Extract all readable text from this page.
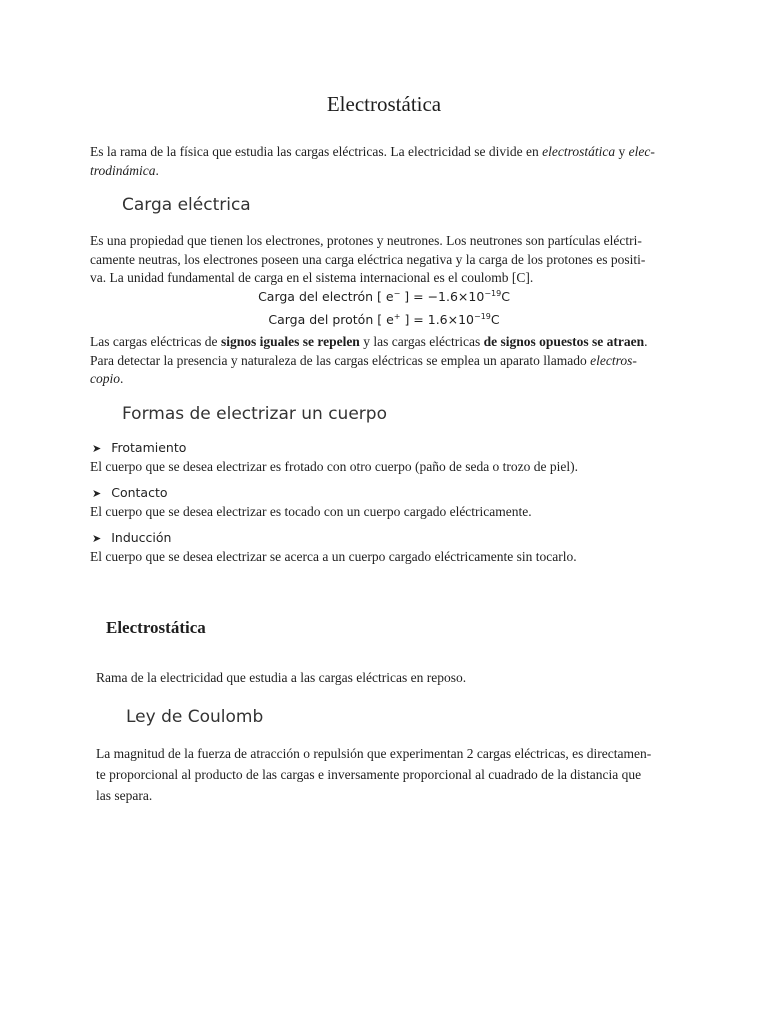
Electrostática
Es la rama de la física que estudia las cargas eléctricas. La electricidad se divide en electrostática y elec-
trodinámica.
Carga eléctrica
Es una propiedad que tienen los electrones, protones y neutrones. Los neutrones son partículas eléctri-
camente neutras, los electrones poseen una carga eléctrica negativa y la carga de los protones es positi-
va. La unidad fundamental de carga en el sistema internacional es el coulomb [C].
Carga del electrón [ e− ] = $-1.6\times 10^{-19}C$
Carga del protón [ e+ ] = $1.6\times 10^{-19}C$
Las cargas eléctricas de signos iguales se repelen y las cargas eléctricas de signos opuestos se atraen.
Para detectar la presencia y naturaleza de las cargas eléctricas se emplea un aparato llamado electros-
copio.
Formas de electrizar un cuerpo
➤ Frotamiento
El cuerpo que se desea electrizar es frotado con otro cuerpo (paño de seda o trozo de piel).
➤ Contacto
El cuerpo que se desea electrizar es tocado con un cuerpo cargado eléctricamente.
➤ Inducción
El cuerpo que se desea electrizar se acerca a un cuerpo cargado eléctricamente sin tocarlo.
Electrostática
Rama de la electricidad que estudia a las cargas eléctricas en reposo.
Ley de Coulomb
La magnitud de la fuerza de atracción o repulsión que experimentan 2 cargas eléctricas, es directamen-
te proporcional al producto de las cargas e inversamente proporcional al cuadrado de la distancia que
las separa.
